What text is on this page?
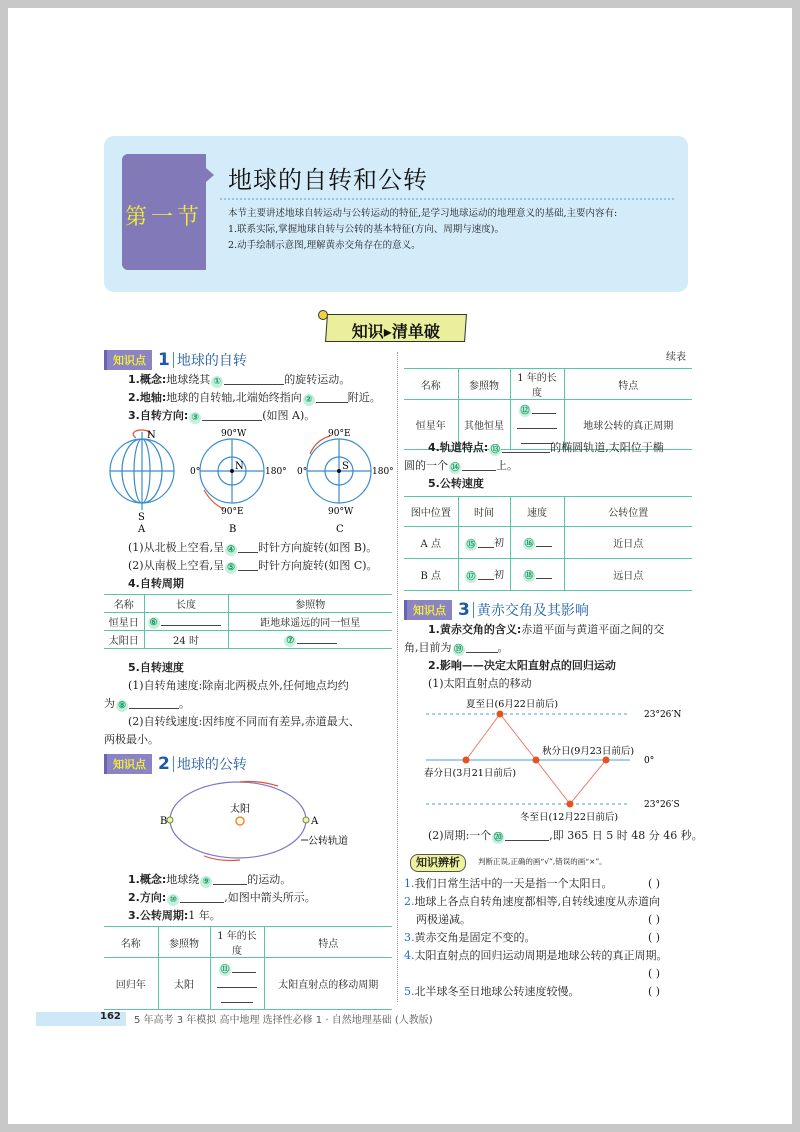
第一节
地球的自转和公转
本节主要讲述地球自转运动与公转运动的特征,是学习地球运动的地理意义的基础,主要内容有:
1.联系实际,掌握地球自转与公转的基本特征(方向、周期与速度)。
2.动手绘制示意图,理解黄赤交角存在的意义。
知识▸清单破
知识点 1 地球的自转
1.概念:地球绕其 ①	的旋转运动。
2.地轴:地球的自转轴,北端始终指向 ②	附近。
3.自转方向: ③	(如图 A)。
N
S
A
90°W
90°E
0°	180°
N
B
90°E
90°W
0°	180°
S
C
(1)从北极上空看,呈 ④ 时针方向旋转(如图 B)。
(2)从南极上空看,呈 ⑤ 时针方向旋转(如图 C)。
4.自转周期
名称	长度	参照物
恒星日	⑥	距地球遥远的同一恒星
太阳日	24 时	⑦
5.自转速度
(1)自转角速度:除南北两极点外,任何地点均约
为 ⑧	。
(2)自转线速度:因纬度不同而有差异,赤道最大、
两极最小。
知识点 2 地球的公转
太阳
B	A
公转轨道
1.概念:地球绕 ⑨	的运动。
2.方向: ⑩	,如图中箭头所示。
3.公转周期:1 年。
名称	参照物	1 年的长度	特点
回归年	太阳	⑪	太阳直射点的移动周期
续表
名称	参照物	1 年的长度	特点
恒星年	其他恒星	⑫	地球公转的真正周期
4.轨道特点: ⑬	的椭圆轨道,太阳位于椭
圆的一个 ⑭	上。
5.公转速度
图中位置	时间	速度	公转位置
A 点	⑮ 初	⑯	近日点
B 点	⑰ 初	⑱	远日点
知识点 3 黄赤交角及其影响
1.黄赤交角的含义:赤道平面与黄道平面之间的交
角,目前为 ⑲	。
2.影响——决定太阳直射点的回归运动
(1)太阳直射点的移动
夏至日(6月22日前后)
春分日(3月21日前后)
秋分日(9月23日前后)
冬至日(12月22日前后)
23°26′N
0°
23°26′S
(2)周期:一个 ⑳	,即 365 日 5 时 48 分 46 秒。
知识辨析	判断正误,正确的画“√”,错误的画“×”。
1.我们日常生活中的一天是指一个太阳日。	( )
2.地球上各点自转角速度都相等,自转线速度从赤道向
两极递减。	( )
3.黄赤交角是固定不变的。	( )
4.太阳直射点的回归运动周期是地球公转的真正周期。
( )
5.北半球冬至日地球公转速度较慢。	( )
162 5 年高考 3 年模拟 高中地理 选择性必修 1 · 自然地理基础 (人教版)
